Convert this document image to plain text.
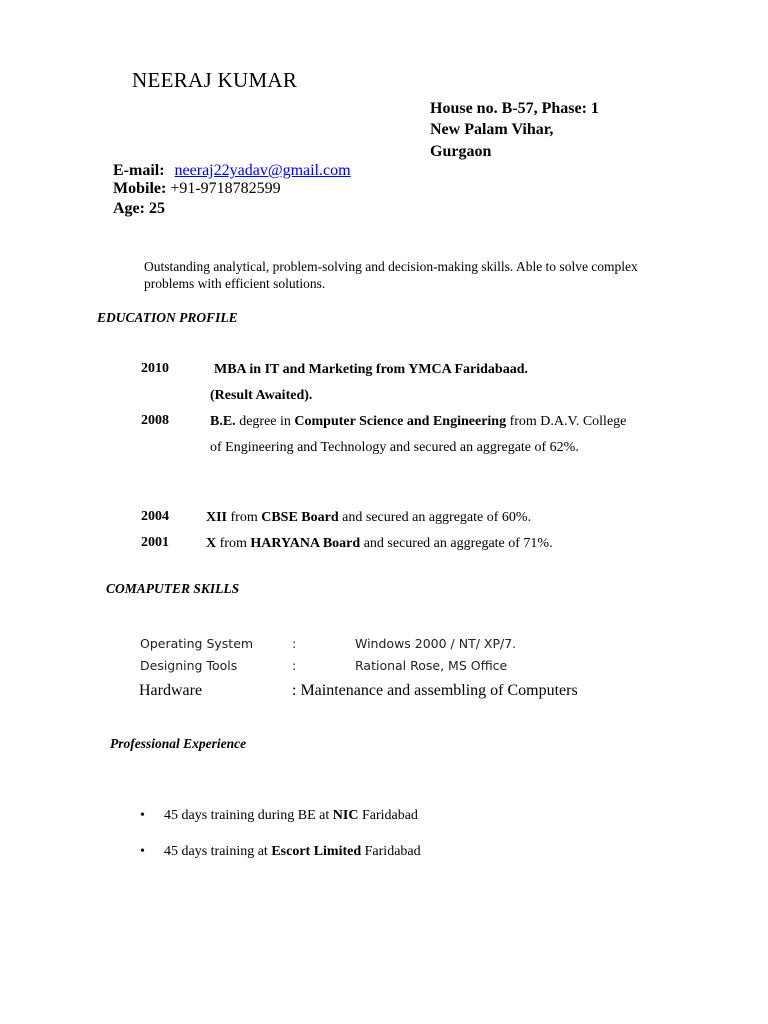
NEERAJ KUMAR
House no. B-57, Phase: 1
New Palam Vihar,
Gurgaon
E-mail: neeraj22yadav@gmail.com
Mobile: +91-9718782599
Age: 25
Outstanding analytical, problem-solving and decision-making skills. Able to solve complex problems with efficient solutions.
EDUCATION PROFILE
2010	MBA in IT and Marketing from YMCA Faridabaad.
(Result Awaited).
2008	B.E. degree in Computer Science and Engineering from D.A.V. College of Engineering and Technology and secured an aggregate of 62%.
2004	XII from CBSE Board and secured an aggregate of 60%.
2001	X from HARYANA Board and secured an aggregate of 71%.
COMAPUTER SKILLS
Operating System	:	Windows 2000 / NT/ XP/7.
Designing Tools	:	Rational Rose, MS Office
Hardware	: Maintenance and assembling of Computers
Professional Experience
• 45 days training during BE at NIC Faridabad
• 45 days training at Escort Limited Faridabad
